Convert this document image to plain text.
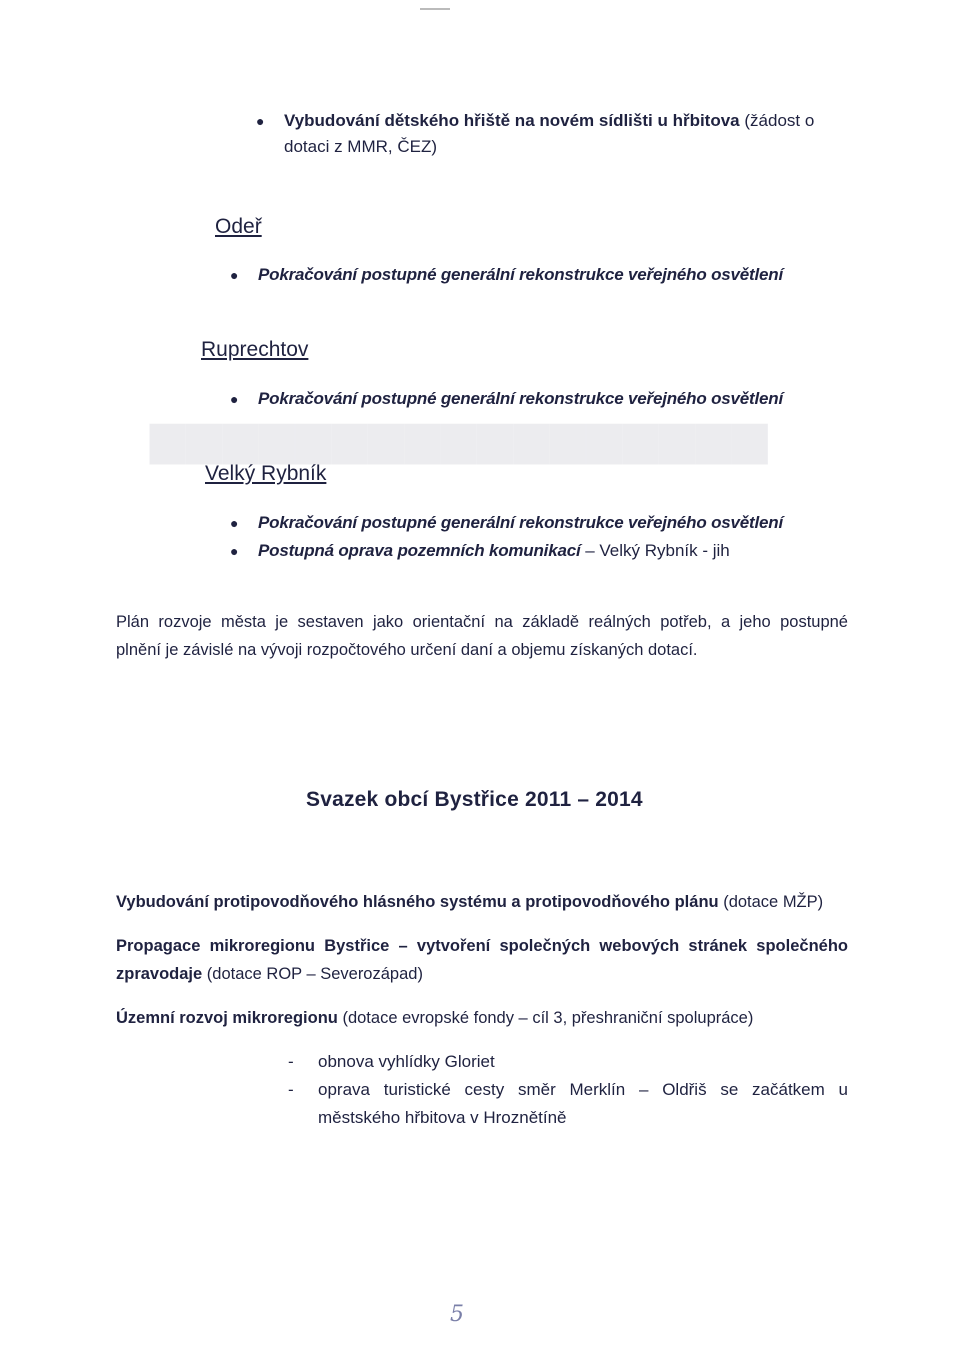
▆▆▆▆▆▆▆▆▆▆▆▆▆▆▆▆▆
● Vybudování dětského hřiště na novém sídlišti u hřbitova (žádost o
dotaci z MMR, ČEZ)
Odeř
● Pokračování postupné generální rekonstrukce veřejného osvětlení
Ruprechtov
● Pokračování postupné generální rekonstrukce veřejného osvětlení
Velký Rybník
● Pokračování postupné generální rekonstrukce veřejného osvětlení
● Postupná oprava pozemních komunikací – Velký Rybník - jih
Plán rozvoje města je sestaven jako orientační na základě reálných potřeb, a jeho postupné
plnění je závislé na vývoji rozpočtového určení daní a objemu získaných dotací.
Svazek obcí Bystřice 2011 – 2014
Vybudování protipovodňového hlásného systému a protipovodňového plánu (dotace MŽP)
Propagace mikroregionu Bystřice – vytvoření společných webových stránek společného
zpravodaje (dotace ROP – Severozápad)
Územní rozvoj mikroregionu (dotace evropské fondy – cíl 3, přeshraniční spolupráce)
- obnova vyhlídky Gloriet
- oprava turistické cesty směr Merklín – Oldřiš se začátkem u
městského hřbitova v Hroznětíně
5
